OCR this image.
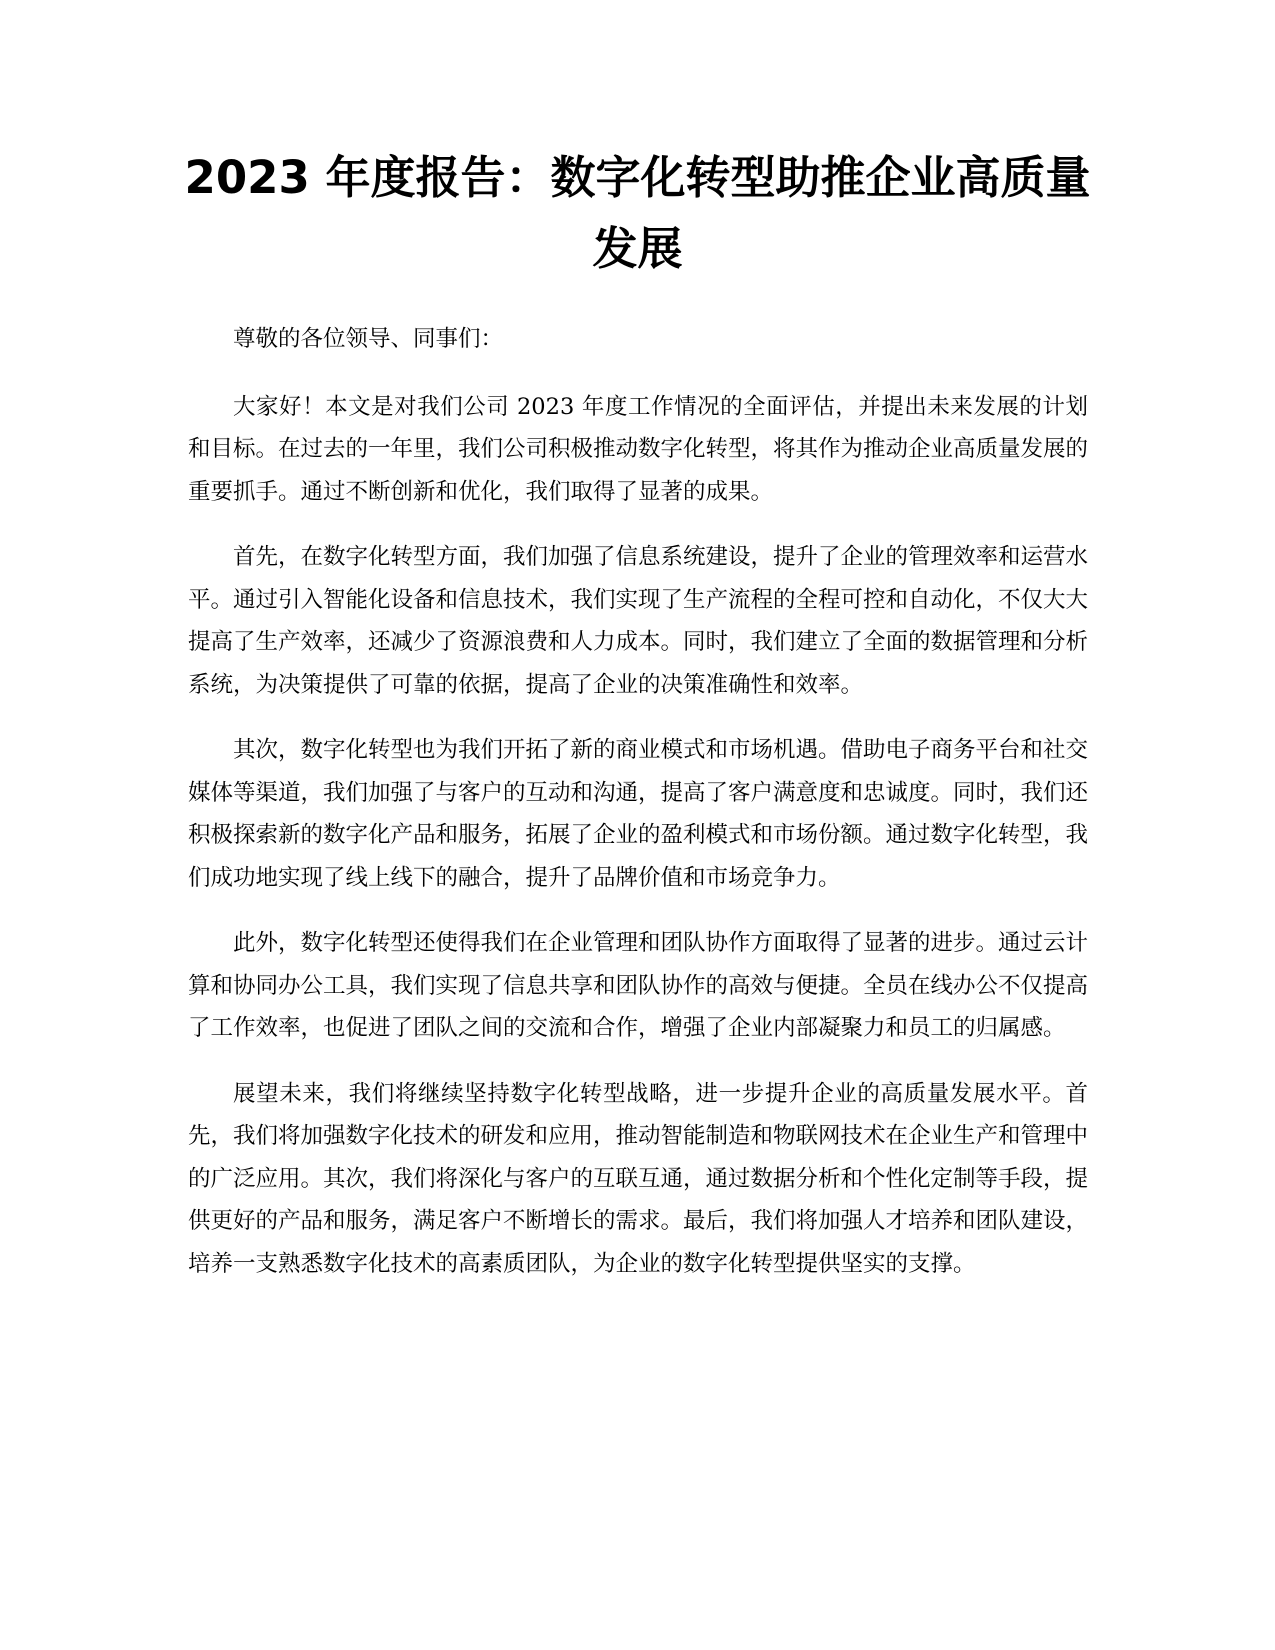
2023 年度报告：数字化转型助推企业高质量发展

尊敬的各位领导、同事们：

大家好！本文是对我们公司 2023 年度工作情况的全面评估，并提出未来发展的计划和目标。在过去的一年里，我们公司积极推动数字化转型，将其作为推动企业高质量发展的重要抓手。通过不断创新和优化，我们取得了显著的成果。

首先，在数字化转型方面，我们加强了信息系统建设，提升了企业的管理效率和运营水平。通过引入智能化设备和信息技术，我们实现了生产流程的全程可控和自动化，不仅大大提高了生产效率，还减少了资源浪费和人力成本。同时，我们建立了全面的数据管理和分析系统，为决策提供了可靠的依据，提高了企业的决策准确性和效率。

其次，数字化转型也为我们开拓了新的商业模式和市场机遇。借助电子商务平台和社交媒体等渠道，我们加强了与客户的互动和沟通，提高了客户满意度和忠诚度。同时，我们还积极探索新的数字化产品和服务，拓展了企业的盈利模式和市场份额。通过数字化转型，我们成功地实现了线上线下的融合，提升了品牌价值和市场竞争力。

此外，数字化转型还使得我们在企业管理和团队协作方面取得了显著的进步。通过云计算和协同办公工具，我们实现了信息共享和团队协作的高效与便捷。全员在线办公不仅提高了工作效率，也促进了团队之间的交流和合作，增强了企业内部凝聚力和员工的归属感。

展望未来，我们将继续坚持数字化转型战略，进一步提升企业的高质量发展水平。首先，我们将加强数字化技术的研发和应用，推动智能制造和物联网技术在企业生产和管理中的广泛应用。其次，我们将深化与客户的互联互通，通过数据分析和个性化定制等手段，提供更好的产品和服务，满足客户不断增长的需求。最后，我们将加强人才培养和团队建设，培养一支熟悉数字化技术的高素质团队，为企业的数字化转型提供坚实的支撑。
